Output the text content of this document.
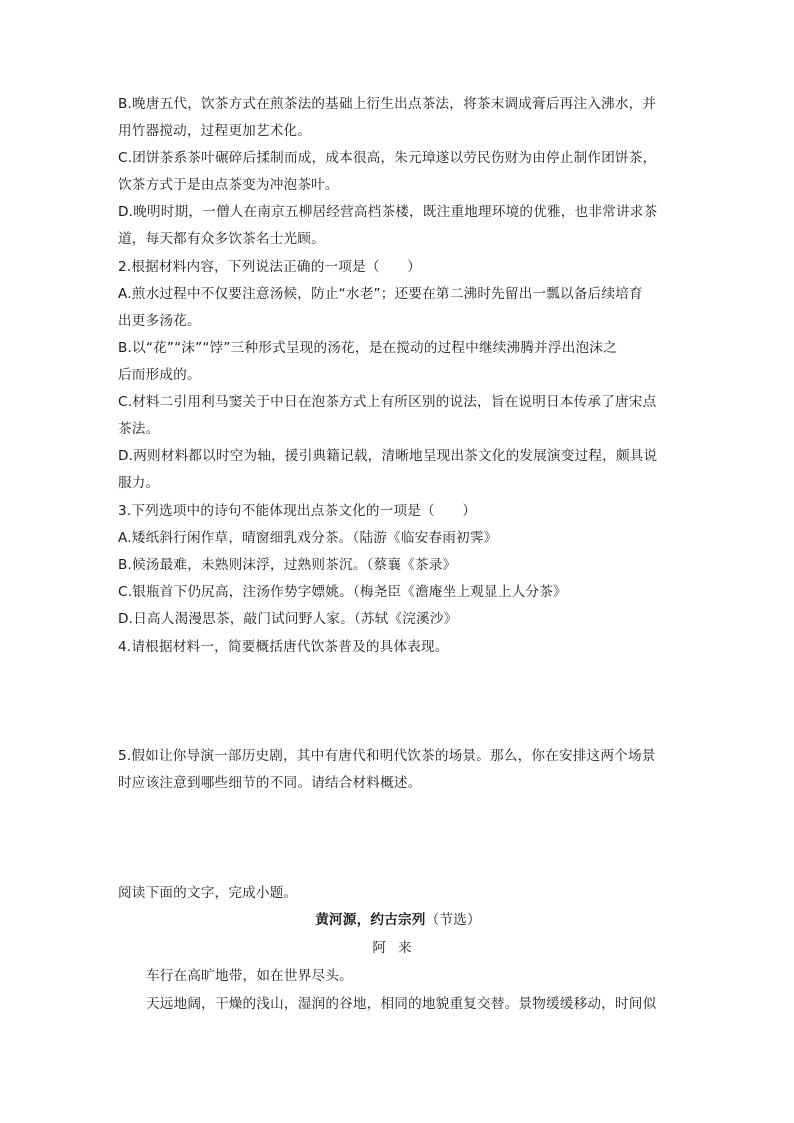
B.晚唐五代，饮茶方式在煎茶法的基础上衍生出点茶法，将茶末调成膏后再注入沸水，并
用竹器搅动，过程更加艺术化。
C.团饼茶系茶叶碾碎后揉制而成，成本很高，朱元璋遂以劳民伤财为由停止制作团饼茶，
饮茶方式于是由点茶变为冲泡茶叶。
D.晚明时期，一僧人在南京五柳居经营高档茶楼，既注重地理环境的优雅，也非常讲求茶
道，每天都有众多饮茶名士光顾。
2.根据材料内容，下列说法正确的一项是（　　）
A.煎水过程中不仅要注意汤候，防止“水老”；还要在第二沸时先留出一瓢以备后续培育
出更多汤花。
B.以“花”“沫”“饽”三种形式呈现的汤花，是在搅动的过程中继续沸腾并浮出泡沫之
后而形成的。
C.材料二引用利马窦关于中日在泡茶方式上有所区别的说法，旨在说明日本传承了唐宋点
茶法。
D.两则材料都以时空为轴，援引典籍记载，清晰地呈现出茶文化的发展演变过程，颇具说
服力。
3.下列选项中的诗句不能体现出点茶文化的一项是（　　）
A.矮纸斜行闲作草，晴窗细乳戏分茶。（陆游《临安春雨初霁》
B.候汤最难，未熟则沫浮，过熟则茶沉。（蔡襄《茶录》
C.银瓶首下仍尻高，注汤作势字嫖姚。（梅尧臣《澹庵坐上观显上人分茶》
D.日高人渴漫思茶，敲门试问野人家。（苏轼《浣溪沙》
4.请根据材料一，简要概括唐代饮茶普及的具体表现。
5.假如让你导演一部历史剧，其中有唐代和明代饮茶的场景。那么，你在安排这两个场景
时应该注意到哪些细节的不同。请结合材料概述。
阅读下面的文字，完成小题。
黄河源，约古宗列（节选）
阿来
车行在高旷地带，如在世界尽头。
天远地阔，干燥的浅山，湿润的谷地，相同的地貌重复交替。景物缓缓移动，时间似
